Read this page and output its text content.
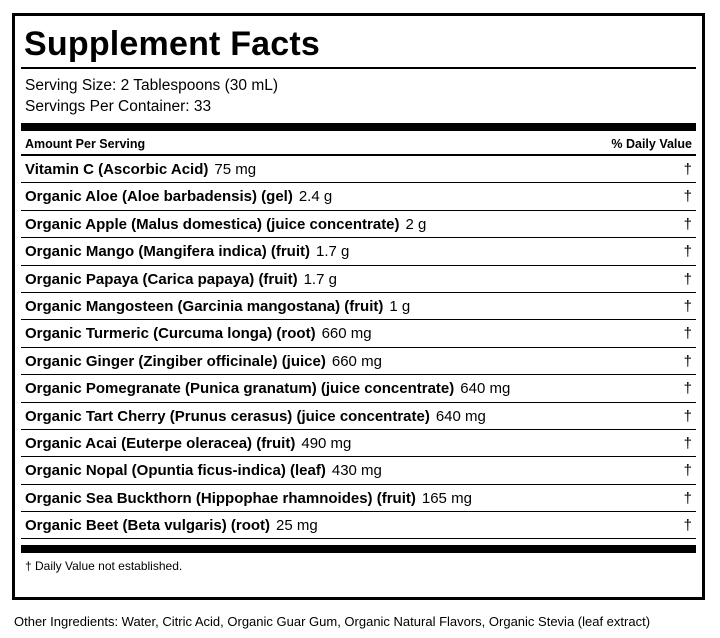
Supplement Facts
Serving Size: 2 Tablespoons (30 mL)
Servings Per Container: 33
Amount Per Serving	% Daily Value
Vitamin C (Ascorbic Acid) 75 mg	†
Organic Aloe (Aloe barbadensis) (gel) 2.4 g	†
Organic Apple (Malus domestica) (juice concentrate) 2 g	†
Organic Mango (Mangifera indica) (fruit) 1.7 g	†
Organic Papaya (Carica papaya) (fruit) 1.7 g	†
Organic Mangosteen (Garcinia mangostana) (fruit) 1 g	†
Organic Turmeric (Curcuma longa) (root) 660 mg	†
Organic Ginger (Zingiber officinale) (juice) 660 mg	†
Organic Pomegranate (Punica granatum) (juice concentrate) 640 mg	†
Organic Tart Cherry (Prunus cerasus) (juice concentrate) 640 mg	†
Organic Acai (Euterpe oleracea) (fruit) 490 mg	†
Organic Nopal (Opuntia ficus-indica) (leaf) 430 mg	†
Organic Sea Buckthorn (Hippophae rhamnoides) (fruit) 165 mg	†
Organic Beet (Beta vulgaris) (root) 25 mg	†
† Daily Value not established.
Other Ingredients: Water, Citric Acid, Organic Guar Gum, Organic Natural Flavors, Organic Stevia (leaf extract)
